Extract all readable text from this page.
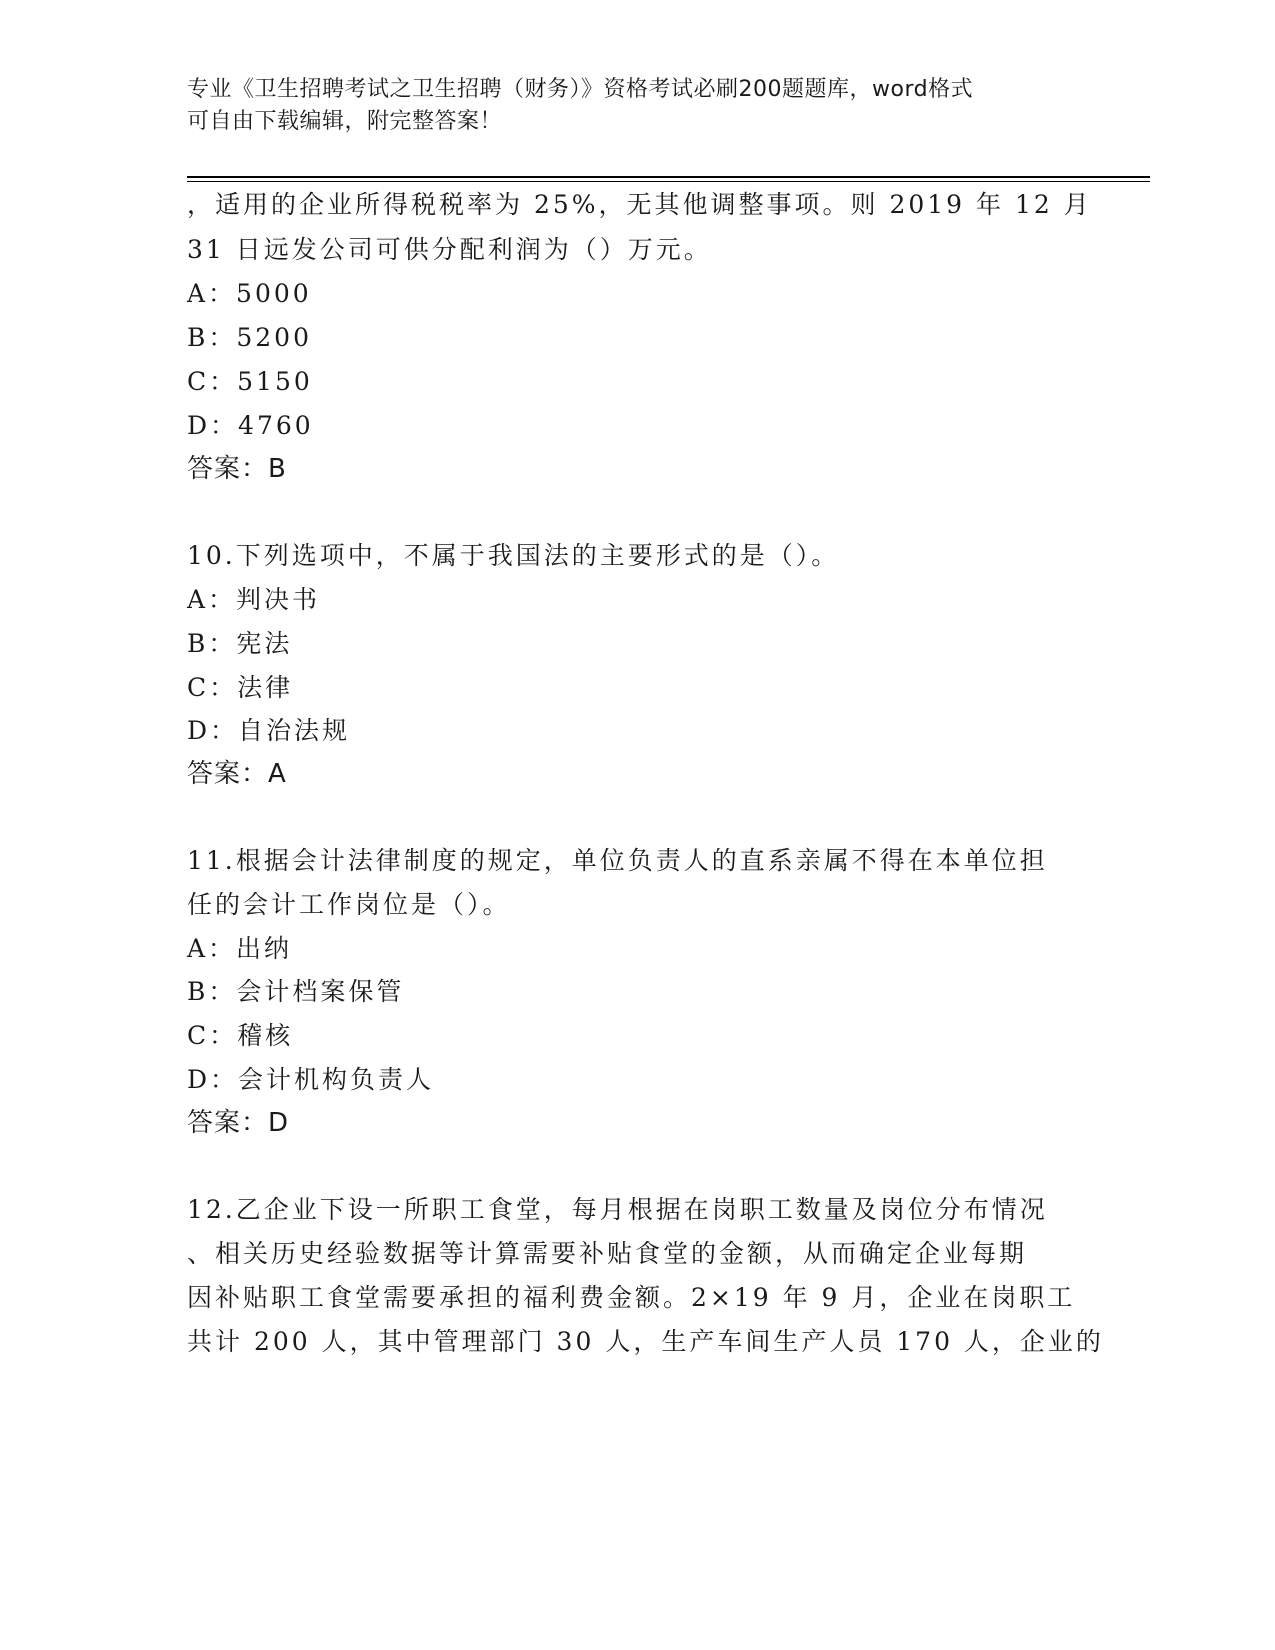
专业《卫生招聘考试之卫生招聘（财务）》资格考试必刷200题题库，word格式
可自由下载编辑，附完整答案！
，适用的企业所得税税率为 25%，无其他调整事项。则 2019 年 12 月
31 日远发公司可供分配利润为（）万元。
A：5000
B：5200
C：5150
D：4760
答案：B
10.下列选项中，不属于我国法的主要形式的是（）。
A：判决书
B：宪法
C：法律
D：自治法规
答案：A
11.根据会计法律制度的规定，单位负责人的直系亲属不得在本单位担
任的会计工作岗位是（）。
A：出纳
B：会计档案保管
C：稽核
D：会计机构负责人
答案：D
12.乙企业下设一所职工食堂，每月根据在岗职工数量及岗位分布情况
、相关历史经验数据等计算需要补贴食堂的金额，从而确定企业每期
因补贴职工食堂需要承担的福利费金额。2×19 年 9 月，企业在岗职工
共计 200 人，其中管理部门 30 人，生产车间生产人员 170 人，企业的
